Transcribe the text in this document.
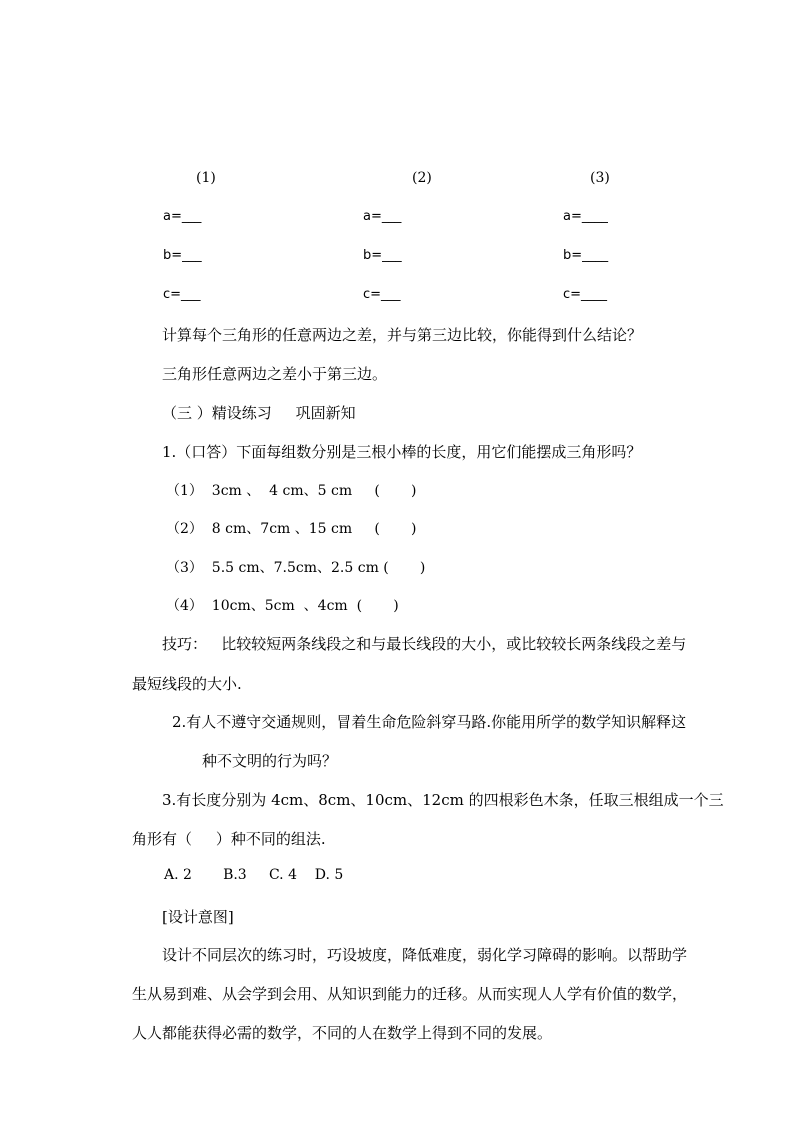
(1)	(2)	(3)
a=___
b=___
c=___
a=___
b=___
c=___
a=____
b=____
c=____
计算每个三角形的任意两边之差，并与第三边比较，你能得到什么结论？
三角形任意两边之差小于第三边。
（三 ）精设练习     巩固新知
1.（口答）下面每组数分别是三根小棒的长度，用它们能摆成三角形吗？
（1）  3cm 、  4 cm、5 cm     (       )
（2）  8 cm、7cm 、15 cm     (       )
（3）  5.5 cm、7.5cm、2.5 cm (       )
（4）  10cm、5cm  、4cm  (       )
技巧：   比较较短两条线段之和与最长线段的大小，或比较较长两条线段之差与
最短线段的大小.
2.有人不遵守交通规则，冒着生命危险斜穿马路.你能用所学的数学知识解释这
种不文明的行为吗？
3.有长度分别为 4cm、8cm、10cm、12cm 的四根彩色木条，任取三根组成一个三
角形有（     ）种不同的组法.
A. 2       B.3     C. 4    D. 5
[设计意图]
设计不同层次的练习时，巧设坡度，降低难度，弱化学习障碍的影响。以帮助学
生从易到难、从会学到会用、从知识到能力的迁移。从而实现人人学有价值的数学，
人人都能获得必需的数学，不同的人在数学上得到不同的发展。
